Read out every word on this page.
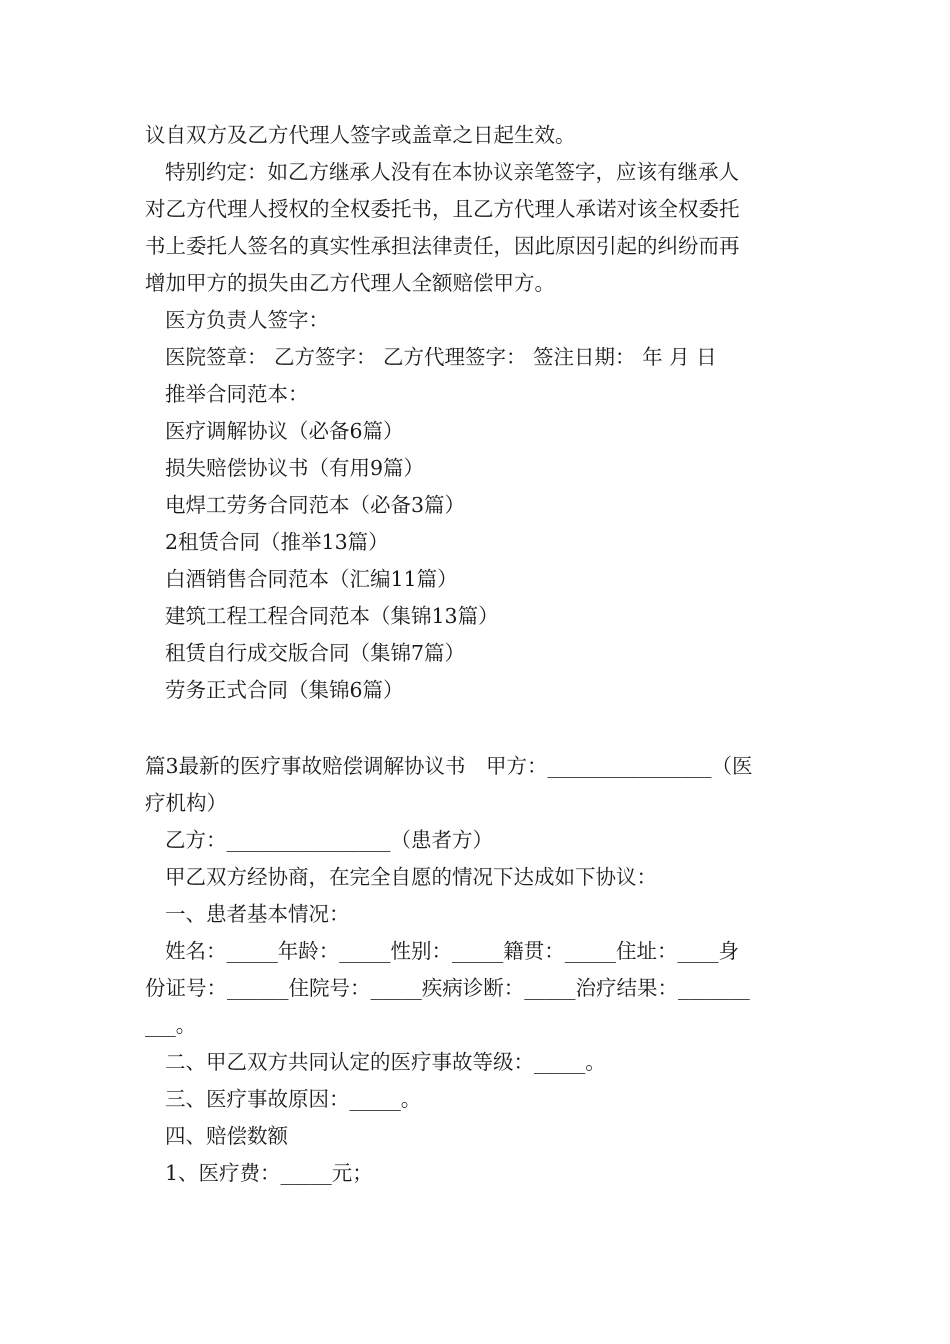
议自双方及乙方代理人签字或盖章之日起生效。
特别约定：如乙方继承人没有在本协议亲笔签字，应该有继承人
对乙方代理人授权的全权委托书，且乙方代理人承诺对该全权委托
书上委托人签名的真实性承担法律责任，因此原因引起的纠纷而再
增加甲方的损失由乙方代理人全额赔偿甲方。
医方负责人签字：
医院签章： 乙方签字： 乙方代理签字： 签注日期： 年 月 日
推举合同范本：
医疗调解协议（必备6篇）
损失赔偿协议书（有用9篇）
电焊工劳务合同范本（必备3篇）
2租赁合同（推举13篇）
白酒销售合同范本（汇编11篇）
建筑工程工程合同范本（集锦13篇）
租赁自行成交版合同（集锦7篇）
劳务正式合同（集锦6篇）
篇3最新的医疗事故赔偿调解协议书　甲方：________________（医
疗机构）
乙方：________________（患者方）
甲乙双方经协商，在完全自愿的情况下达成如下协议：
一、患者基本情况：
姓名：_____年龄：_____性别：_____籍贯：_____住址：____身
份证号：______住院号：_____疾病诊断：_____治疗结果：_______
___。
二、甲乙双方共同认定的医疗事故等级：_____。
三、医疗事故原因：_____。
四、赔偿数额
1、医疗费：_____元；
